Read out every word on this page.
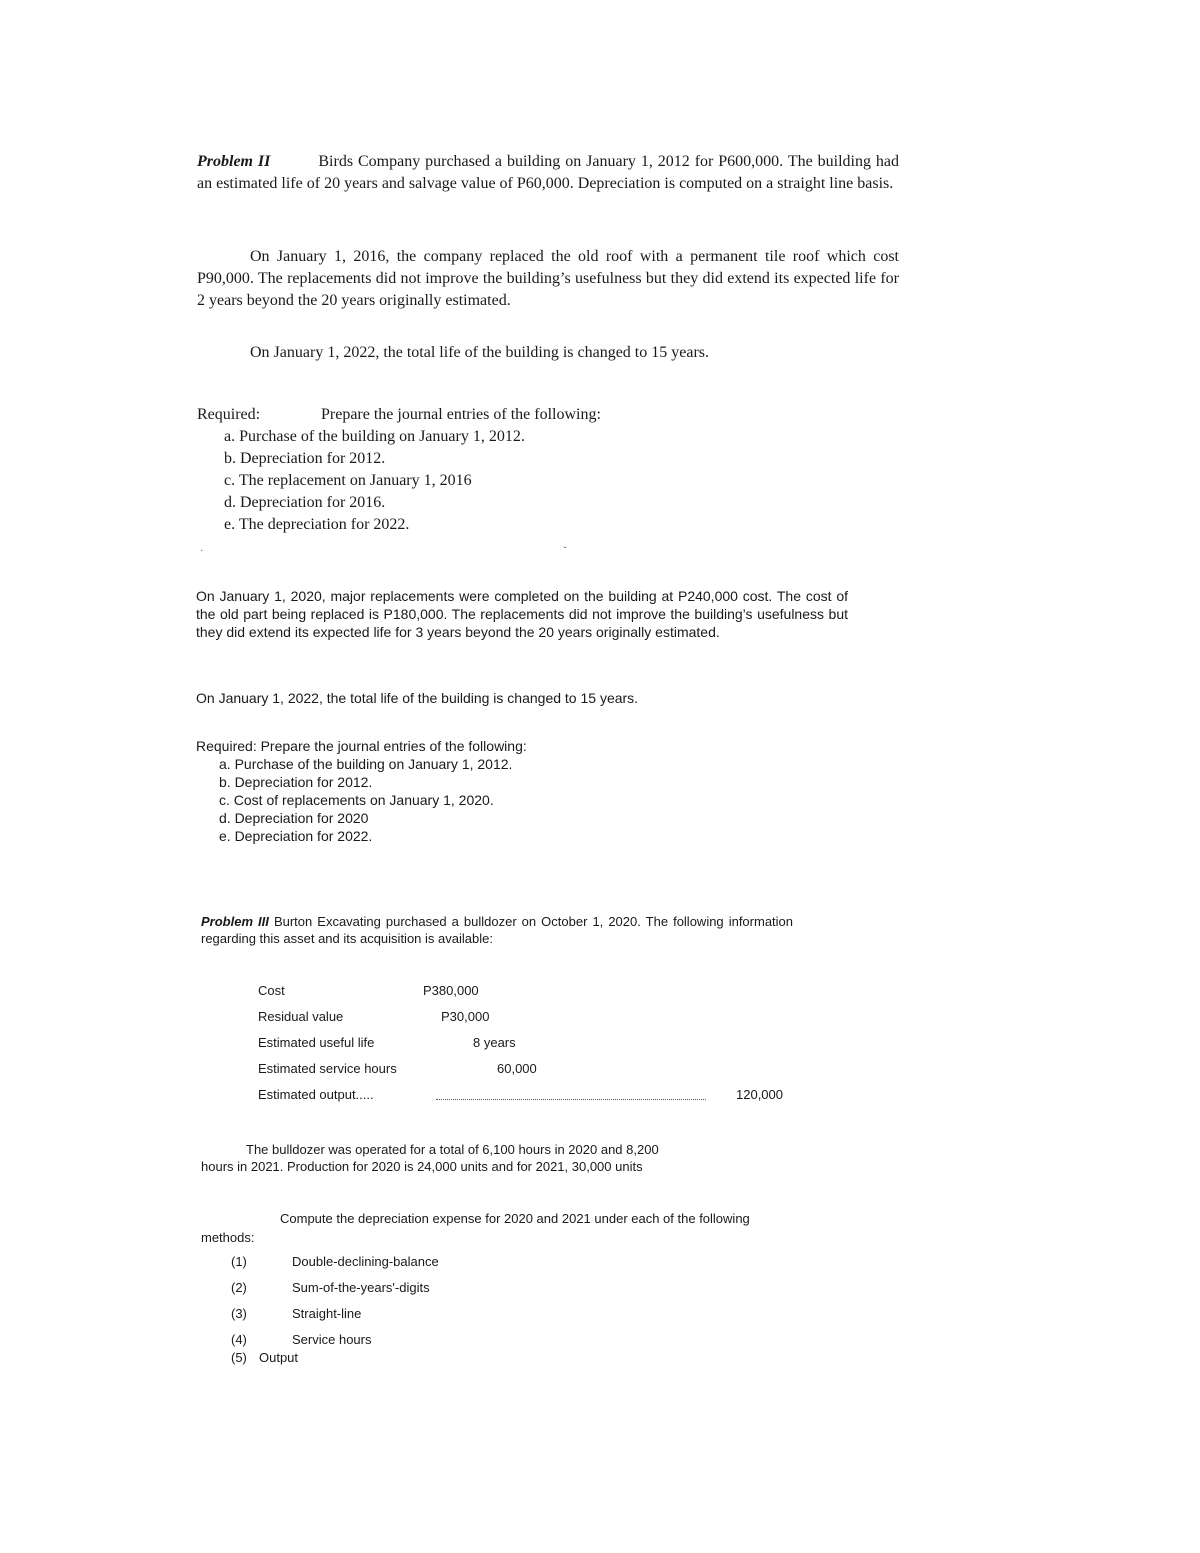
Problem II	Birds Company purchased a building on January 1, 2012 for P600,000. The building had an estimated life of 20 years and salvage value of P60,000. Depreciation is computed on a straight line basis.
On January 1, 2016, the company replaced the old roof with a permanent tile roof which cost P90,000. The replacements did not improve the building’s usefulness but they did extend its expected life for 2 years beyond the 20 years originally estimated.
On January 1, 2022, the total life of the building is changed to 15 years.
Required:	Prepare the journal entries of the following:
a. Purchase of the building on January 1, 2012.
b. Depreciation for 2012.
c. The replacement on January 1, 2016
d. Depreciation for 2016.
e. The depreciation for 2022.
·                            ˇ
On January 1, 2020, major replacements were completed on the building at P240,000 cost. The cost of the old part being replaced is P180,000. The replacements did not improve the building’s usefulness but they did extend its expected life for 3 years beyond the 20 years originally estimated.
On January 1, 2022, the total life of the building is changed to 15 years.
Required: Prepare the journal entries of the following:
a. Purchase of the building on January 1, 2012.
b. Depreciation for 2012.
c. Cost of replacements on January 1, 2020.
d. Depreciation for 2020
e. Depreciation for 2022.
Problem III Burton Excavating purchased a bulldozer on October 1, 2020. The following information regarding this asset and its acquisition is available:
Cost	P380,000
Residual value	P30,000
Estimated useful life	8 years
Estimated service hours	60,000
Estimated output.....	120,000
The bulldozer was operated for a total of 6,100 hours in 2020 and 8,200
hours in 2021. Production for 2020 is 24,000 units and for 2021, 30,000 units
Compute the depreciation expense for 2020 and 2021 under each of the following
methods:
(1)	Double-declining-balance
(2)	Sum-of-the-years'-digits
(3)	Straight-line
(4)	Service hours
(5) Output
